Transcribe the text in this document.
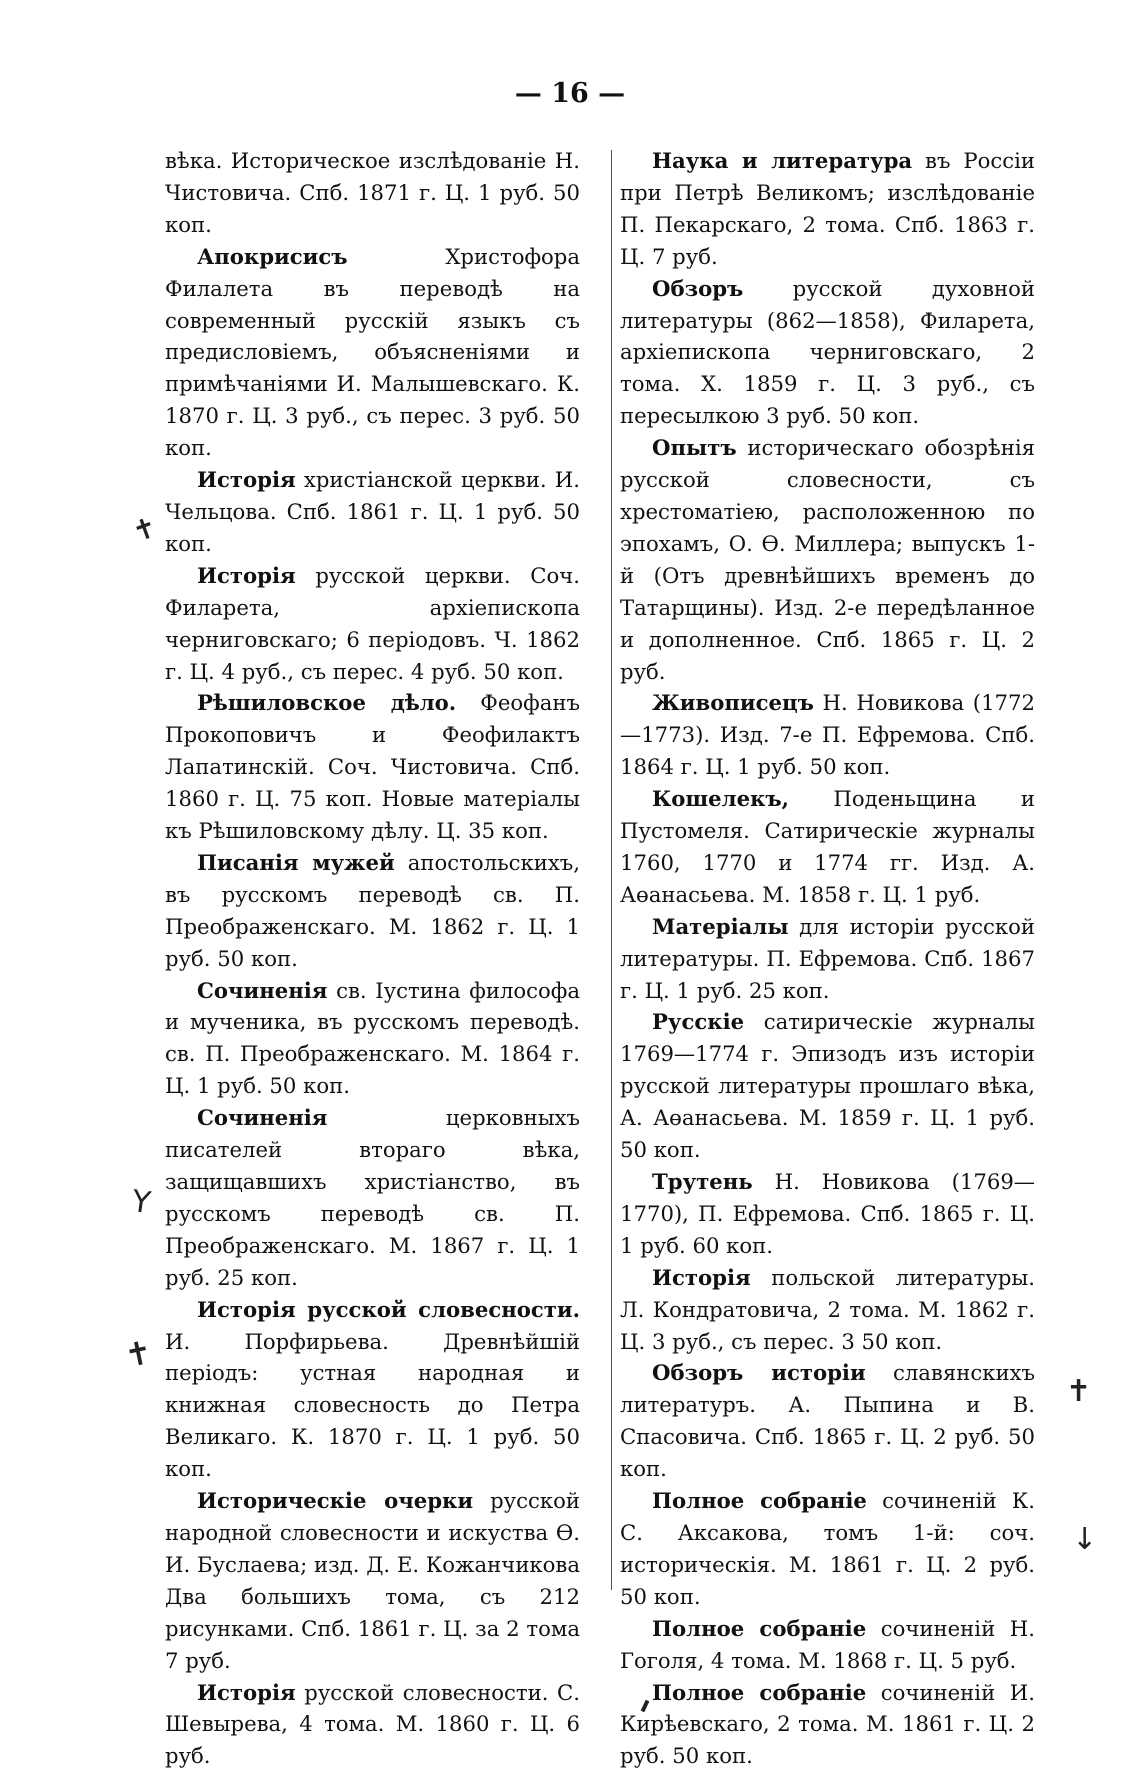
— 16 —

вѣка. Историческое изслѣдованіе Н. Чистовича. Спб. 1871 г. Ц. 1 руб. 50 коп.

Апокрисисъ Христофора Филалета въ переводѣ на современный русскій языкъ съ предисловіемъ, объясненіями и примѣчаніями И. Малышевскаго. К. 1870 г. Ц. 3 руб., съ перес. 3 руб. 50 коп.

Исторія христіанской церкви. И. Чельцова. Спб. 1861 г. Ц. 1 руб. 50 коп.

Исторія русской церкви. Соч. Филарета, архіепископа черниговскаго; 6 періодовъ. Ч. 1862 г. Ц. 4 руб., съ перес. 4 руб. 50 коп.

Рѣшиловское дѣло. Феофанъ Прокоповичъ и Феофилактъ Лапатинскій. Соч. Чистовича. Спб. 1860 г. Ц. 75 коп. Новые матеріалы къ Рѣшиловскому дѣлу. Ц. 35 коп.

Писанія мужей апостольскихъ, въ русскомъ переводѣ св. П. Преображенскаго. М. 1862 г. Ц. 1 руб. 50 коп.

Сочиненія св. Іустина философа и мученика, въ русскомъ переводѣ. св. П. Преображенскаго. М. 1864 г. Ц. 1 руб. 50 коп.

Сочиненія церковныхъ писателей втораго вѣка, защищавшихъ христіанство, въ русскомъ переводѣ св. П. Преображенскаго. М. 1867 г. Ц. 1 руб. 25 коп.

Исторія русской словесности. И. Порфирьева. Древнѣйшій періодъ: устная народная и книжная словесность до Петра Великаго. К. 1870 г. Ц. 1 руб. 50 коп.

Историческіе очерки русской народной словесности и искуства Ө. И. Буслаева; изд. Д. Е. Кожанчикова Два большихъ тома, съ 212 рисунками. Спб. 1861 г. Ц. за 2 тома 7 руб.

Исторія русской словесности. С. Шевырева, 4 тома. М. 1860 г. Ц. 6 руб.

Наука и литература въ Россіи при Петрѣ Великомъ; изслѣдованіе П. Пекарскаго, 2 тома. Спб. 1863 г. Ц. 7 руб.

Обзоръ русской духовной литературы (862—1858), Филарета, архіепископа черниговскаго, 2 тома. Х. 1859 г. Ц. 3 руб., съ пересылкою 3 руб. 50 коп.

Опытъ историческаго обозрѣнія русской словесности, съ хрестоматіею, расположенною по эпохамъ, О. Ө. Миллера; выпускъ 1-й (Отъ древнѣйшихъ временъ до Татарщины). Изд. 2-е передѣланное и дополненное. Спб. 1865 г. Ц. 2 руб.

Живописецъ Н. Новикова (1772—1773). Изд. 7-е П. Ефремова. Спб. 1864 г. Ц. 1 руб. 50 коп.

Кошелекъ, Поденьщина и Пустомеля. Сатирическіе журналы 1760, 1770 и 1774 гг. Изд. А. Аөанасьева. М. 1858 г. Ц. 1 руб.

Матеріалы для исторіи русской литературы. П. Ефремова. Спб. 1867 г. Ц. 1 руб. 25 коп.

Русскіе сатирическіе журналы 1769—1774 г. Эпизодъ изъ исторіи русской литературы прошлаго вѣка, А. Аөанасьева. М. 1859 г. Ц. 1 руб. 50 коп.

Трутень Н. Новикова (1769—1770), П. Ефремова. Спб. 1865 г. Ц. 1 руб. 60 коп.

Исторія польской литературы. Л. Кондратовича, 2 тома. М. 1862 г. Ц. 3 руб., съ перес. 3 50 коп.

Обзоръ исторіи славянскихъ литературъ. А. Пыпина и В. Спасовича. Спб. 1865 г. Ц. 2 руб. 50 коп.

Полное собраніе сочиненій К. С. Аксакова, томъ 1-й: соч. историческія. М. 1861 г. Ц. 2 руб. 50 коп.

Полное собраніе сочиненій Н. Гоголя, 4 тома. М. 1868 г. Ц. 5 руб.

Полное собраніе сочиненій И. Кирѣевскаго, 2 тома. М. 1861 г. Ц. 2 руб. 50 коп.

✝
Y
✝
✝
↓
